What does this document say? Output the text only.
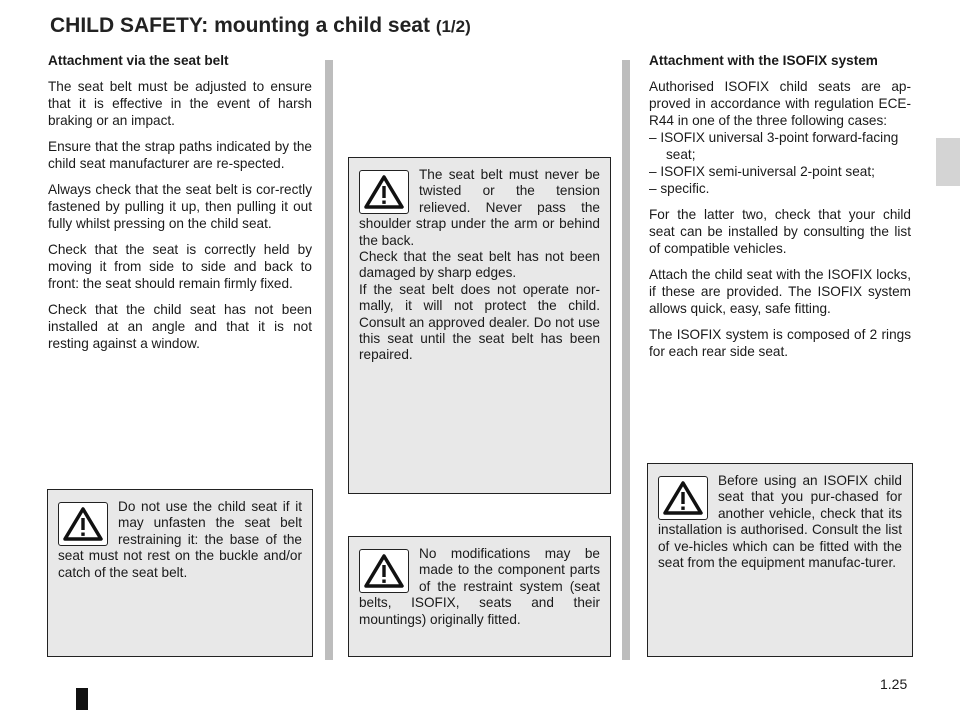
CHILD SAFETY: mounting a child seat (1/2)
Attachment via the seat belt

The seat belt must be adjusted to ensure that it is effective in the event of harsh braking or an impact.

Ensure that the strap paths indicated by the child seat manufacturer are re-spected.

Always check that the seat belt is cor-rectly fastened by pulling it up, then pulling it out fully whilst pressing on the child seat.

Check that the seat is correctly held by moving it from side to side and back to front: the seat should remain firmly fixed.

Check that the child seat has not been installed at an angle and that it is not resting against a window.

Attachment with the ISOFIX system

Authorised ISOFIX child seats are ap-proved in accordance with regulation ECE-R44 in one of the three following cases:

– ISOFIX universal 3-point forward-facing seat;
– ISOFIX semi-universal 2-point seat;
– specific.

For the latter two, check that your child seat can be installed by consulting the list of compatible vehicles.

Attach the child seat with the ISOFIX locks, if these are provided. The ISOFIX system allows quick, easy, safe fitting.

The ISOFIX system is composed of 2 rings for each rear side seat.

The seat belt must never be twisted or the tension relieved. Never pass the shoulder strap under the arm or behind the back.
Check that the seat belt has not been damaged by sharp edges.
If the seat belt does not operate nor-mally, it will not protect the child. Consult an approved dealer. Do not use this seat until the seat belt has been repaired.
Do not use the child seat if it may unfasten the seat belt restraining it: the base of the seat must not rest on the buckle and/or catch of the seat belt.
No modifications may be made to the component parts of the restraint system (seat belts, ISOFIX, seats and their mountings) originally fitted.
Before using an ISOFIX child seat that you pur-chased for another vehicle, check that its installation is authorised. Consult the list of ve-hicles which can be fitted with the seat from the equipment manufac-turer.
1.25
